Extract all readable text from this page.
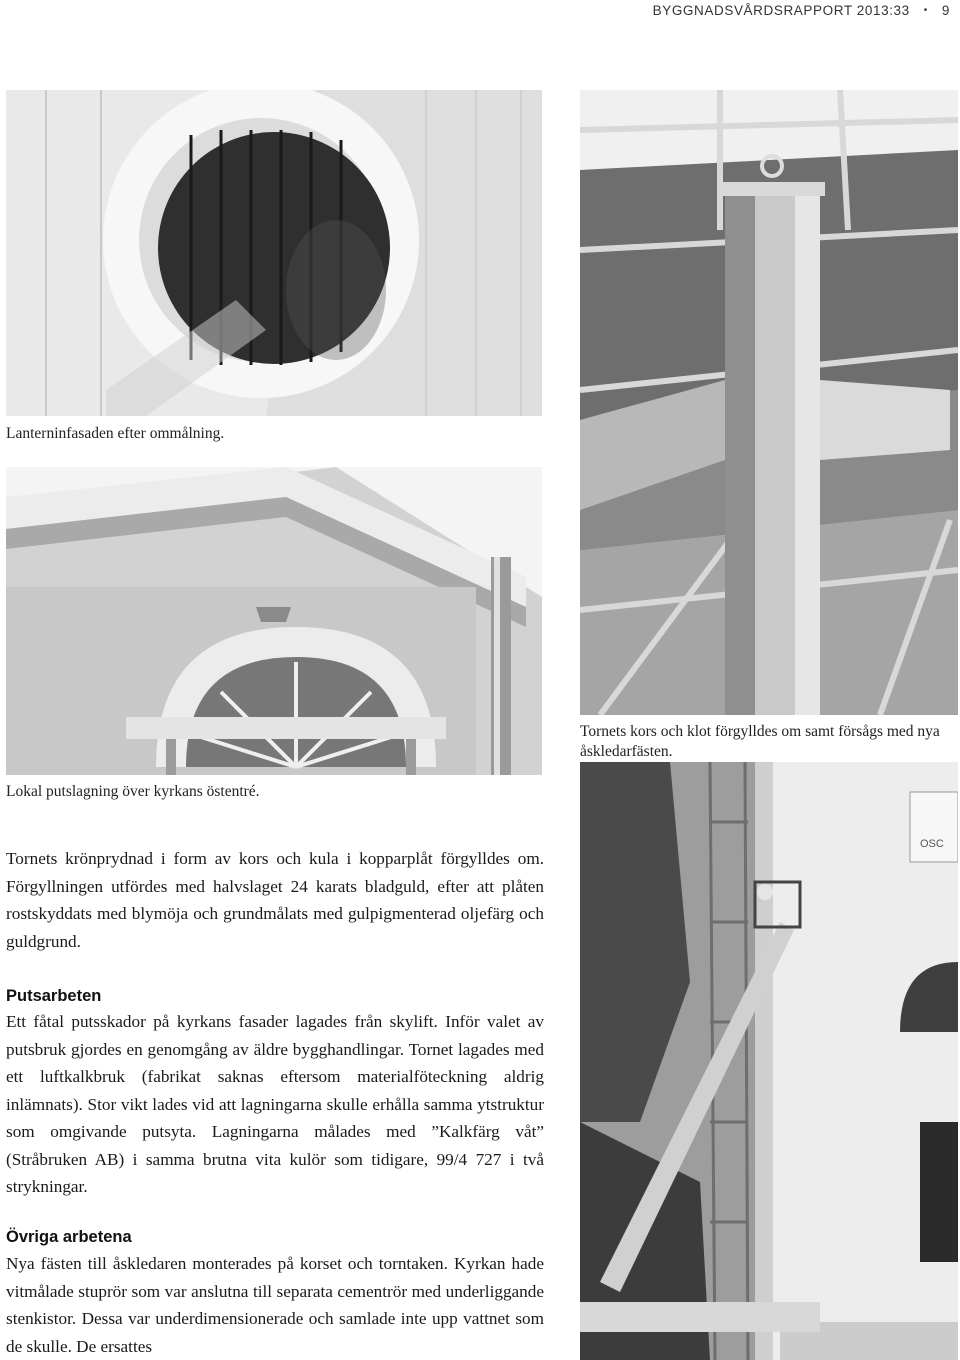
BYGGNADSVÅRDSRAPPORT 2013:33 • 9
Lanterninfasaden efter ommålning.
Lokal putslagning över kyrkans östentré.
Tornets kors och klot förgylldes om samt försågs med nya åskledarfästen.
OSC

Tornets krönprydnad i form av kors och kula i kopparplåt förgylldes om. Förgyllningen utfördes med halvslaget 24 karats bladguld, efter att plåten rostskyddats med blymöja och grundmålats med gulpigmenterad oljefärg och guldgrund.

Putsarbeten

Ett fåtal putsskador på kyrkans fasader lagades från skylift. Inför valet av putsbruk gjordes en genomgång av äldre bygghandlingar. Tornet lagades med ett luftkalkbruk (fabrikat saknas eftersom materialföteckning aldrig inlämnats). Stor vikt lades vid att lagningarna skulle erhålla samma ytstruktur som omgivande putsyta. Lagningarna målades med ”Kalkfärg våt” (Stråbruken AB) i samma brutna vita kulör som tidigare, 99/4 727 i två strykningar.

Övriga arbetena

Nya fästen till åskledaren monterades på korset och torntaken. Kyrkan hade vitmålade stuprör som var anslutna till separata cementrör med underliggande stenkistor. Dessa var underdimensionerade och samlade inte upp vattnet som de skulle. De ersattes
